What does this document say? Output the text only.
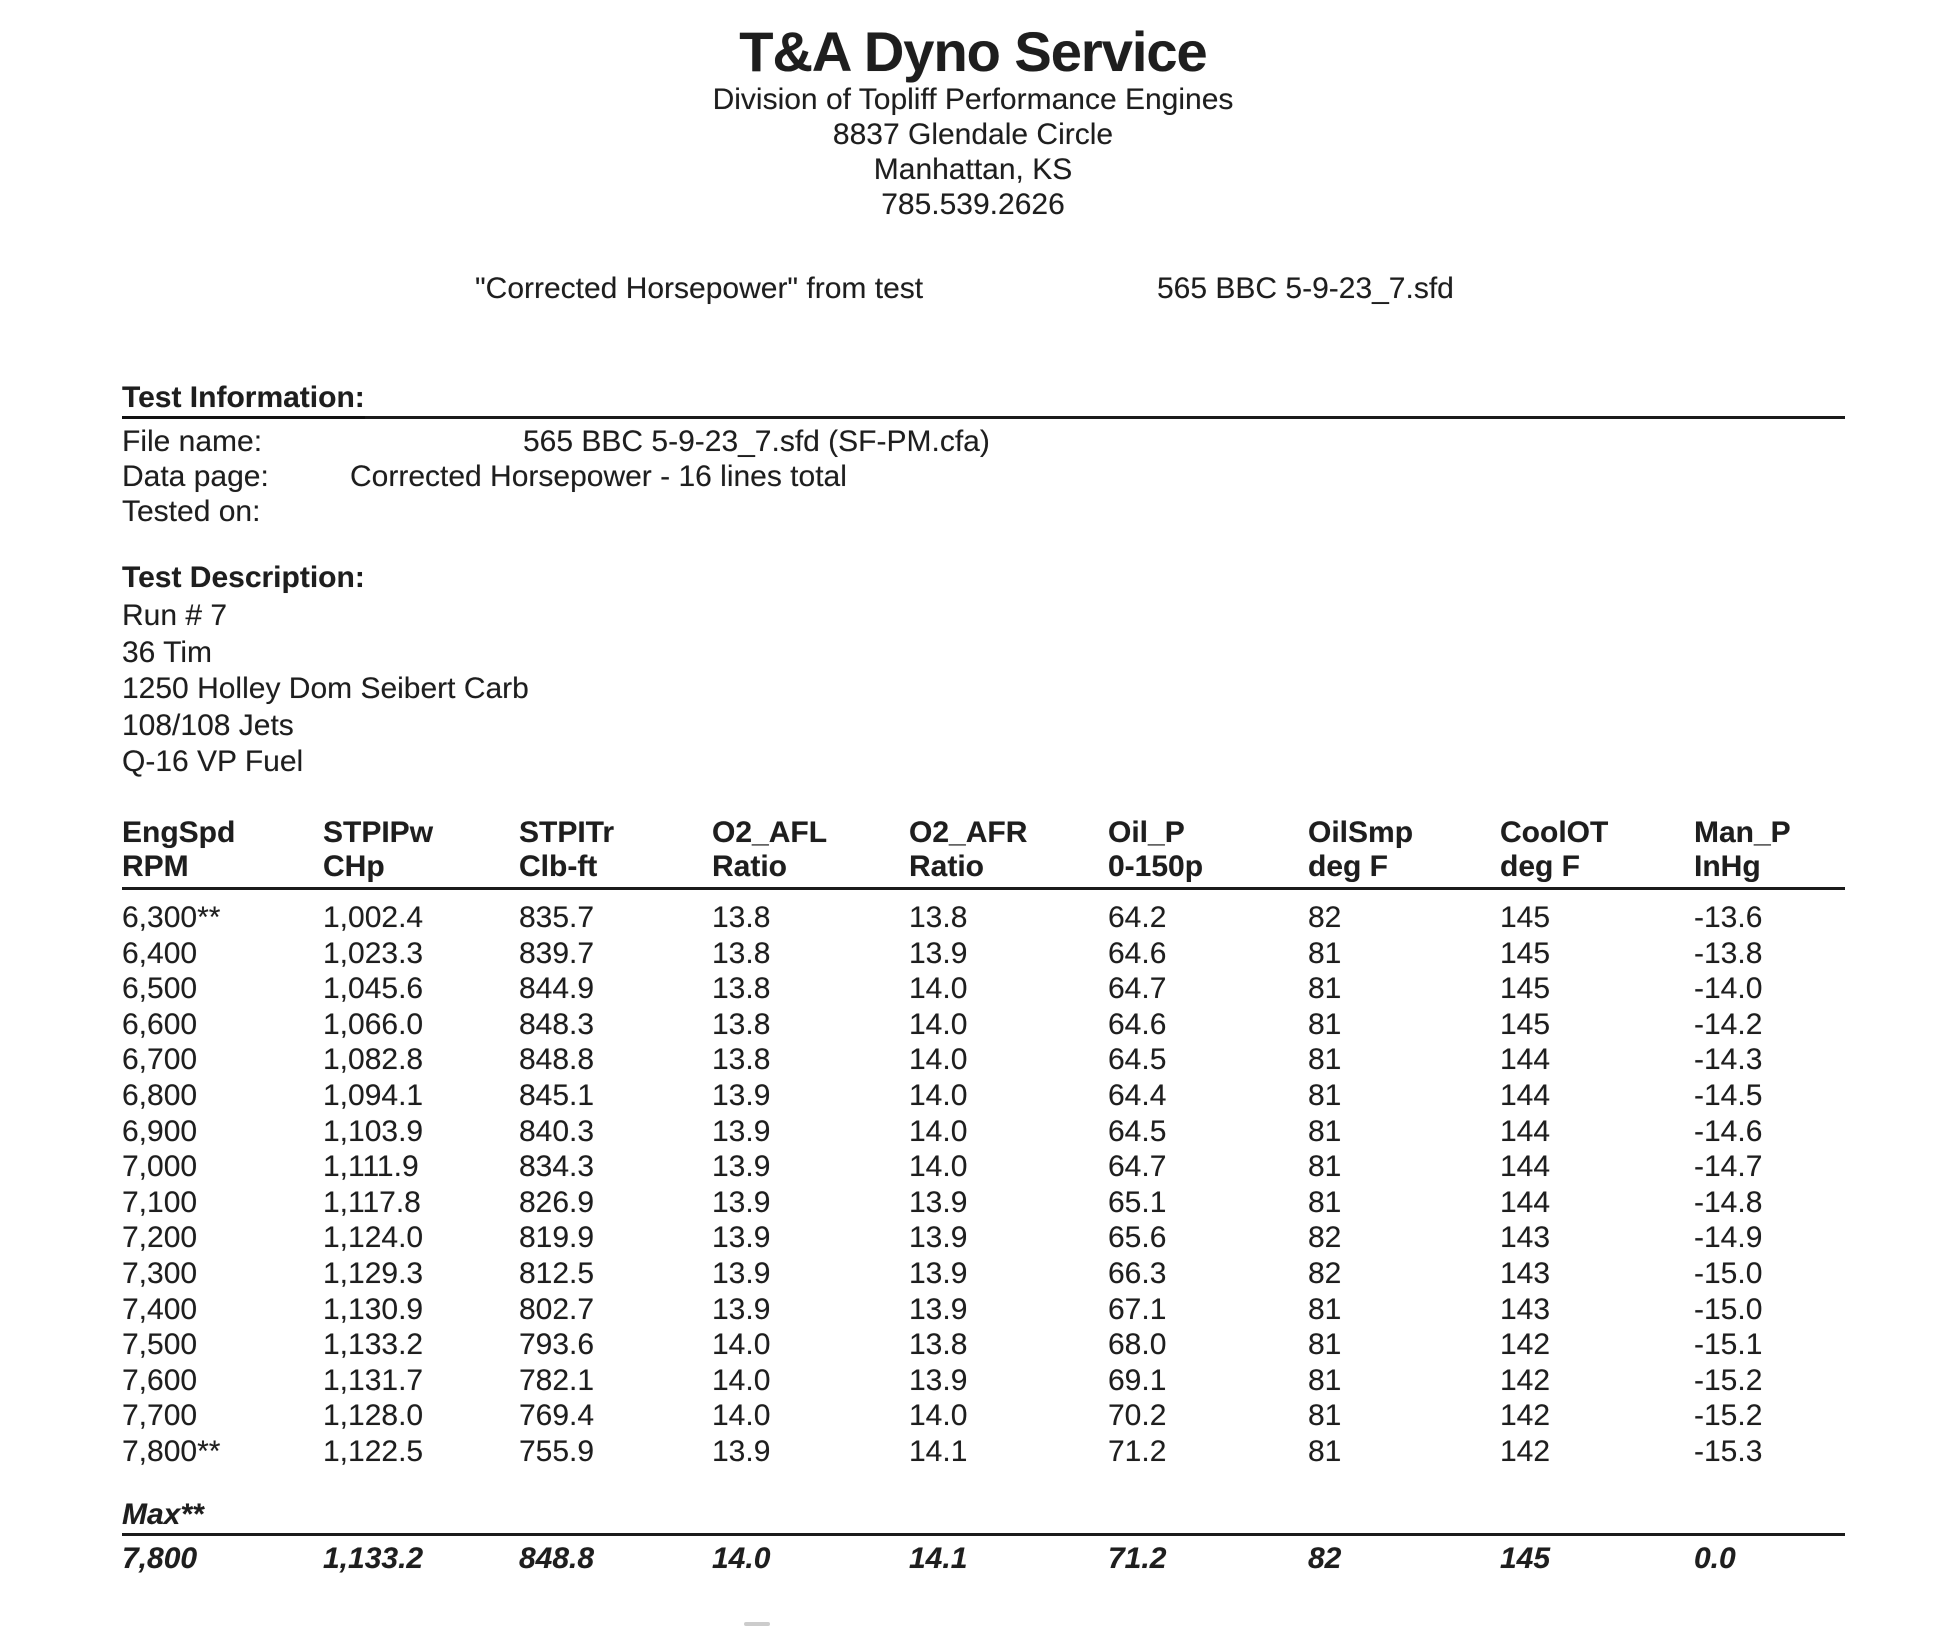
T&A Dyno Service
Division of Topliff Performance Engines
8837 Glendale Circle
Manhattan, KS
785.539.2626
"Corrected Horsepower" from test	565 BBC 5-9-23_7.sfd
Test Information:
File name:	565 BBC 5-9-23_7.sfd (SF-PM.cfa)
Data page:	Corrected Horsepower - 16 lines total
Tested on:
Test Description:
Run # 7
36 Tim
1250 Holley Dom Seibert Carb
108/108 Jets
Q-16 VP Fuel
EngSpd	STPIPw	STPITr	O2_AFL	O2_AFR	Oil_P	OilSmp	CoolOT	Man_P
RPM	CHp	Clb-ft	Ratio	Ratio	0-150p	deg F	deg F	InHg
6,300**	1,002.4	835.7	13.8	13.8	64.2	82	145	-13.6
6,400	1,023.3	839.7	13.8	13.9	64.6	81	145	-13.8
6,500	1,045.6	844.9	13.8	14.0	64.7	81	145	-14.0
6,600	1,066.0	848.3	13.8	14.0	64.6	81	145	-14.2
6,700	1,082.8	848.8	13.8	14.0	64.5	81	144	-14.3
6,800	1,094.1	845.1	13.9	14.0	64.4	81	144	-14.5
6,900	1,103.9	840.3	13.9	14.0	64.5	81	144	-14.6
7,000	1,111.9	834.3	13.9	14.0	64.7	81	144	-14.7
7,100	1,117.8	826.9	13.9	13.9	65.1	81	144	-14.8
7,200	1,124.0	819.9	13.9	13.9	65.6	82	143	-14.9
7,300	1,129.3	812.5	13.9	13.9	66.3	82	143	-15.0
7,400	1,130.9	802.7	13.9	13.9	67.1	81	143	-15.0
7,500	1,133.2	793.6	14.0	13.8	68.0	81	142	-15.1
7,600	1,131.7	782.1	14.0	13.9	69.1	81	142	-15.2
7,700	1,128.0	769.4	14.0	14.0	70.2	81	142	-15.2
7,800**	1,122.5	755.9	13.9	14.1	71.2	81	142	-15.3
Max**
7,800	1,133.2	848.8	14.0	14.1	71.2	82	145	0.0
